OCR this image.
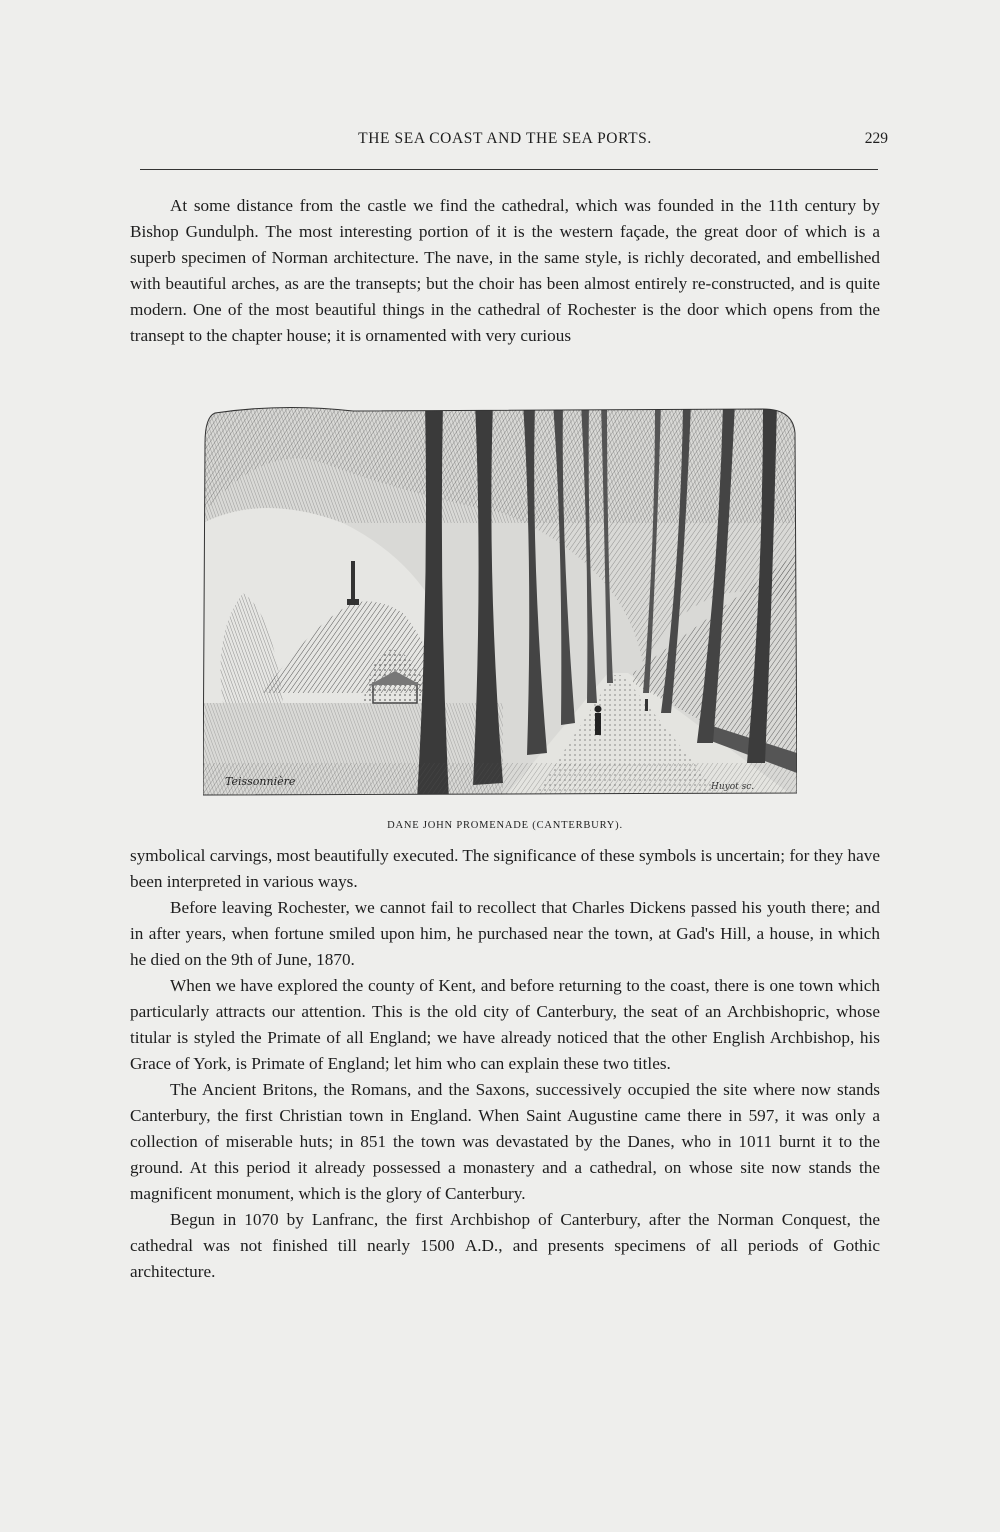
THE SEA COAST AND THE SEA PORTS.	229

At some distance from the castle we find the cathedral, which was founded in the 11th century by Bishop Gundulph. The most interesting portion of it is the western façade, the great door of which is a superb specimen of Norman architecture. The nave, in the same style, is richly decorated, and embellished with beautiful arches, as are the transepts; but the choir has been almost entirely re-constructed, and is quite modern. One of the most beautiful things in the cathedral of Rochester is the door which opens from the transept to the chapter house; it is ornamented with very curious

Teissonnière	Huyot sc.
DANE JOHN PROMENADE (CANTERBURY).

symbolical carvings, most beautifully executed. The significance of these symbols is uncertain; for they have been interpreted in various ways.

Before leaving Rochester, we cannot fail to recollect that Charles Dickens passed his youth there; and in after years, when fortune smiled upon him, he purchased near the town, at Gad's Hill, a house, in which he died on the 9th of June, 1870.

When we have explored the county of Kent, and before returning to the coast, there is one town which particularly attracts our attention. This is the old city of Canterbury, the seat of an Archbishopric, whose titular is styled the Primate of all England; we have already noticed that the other English Archbishop, his Grace of York, is Primate of England; let him who can explain these two titles.

The Ancient Britons, the Romans, and the Saxons, successively occupied the site where now stands Canterbury, the first Christian town in England. When Saint Augustine came there in 597, it was only a collection of miserable huts; in 851 the town was devastated by the Danes, who in 1011 burnt it to the ground. At this period it already possessed a monastery and a cathedral, on whose site now stands the magnificent monument, which is the glory of Canterbury.

Begun in 1070 by Lanfranc, the first Archbishop of Canterbury, after the Norman Conquest, the cathedral was not finished till nearly 1500 A.D., and presents specimens of all periods of Gothic architecture.
